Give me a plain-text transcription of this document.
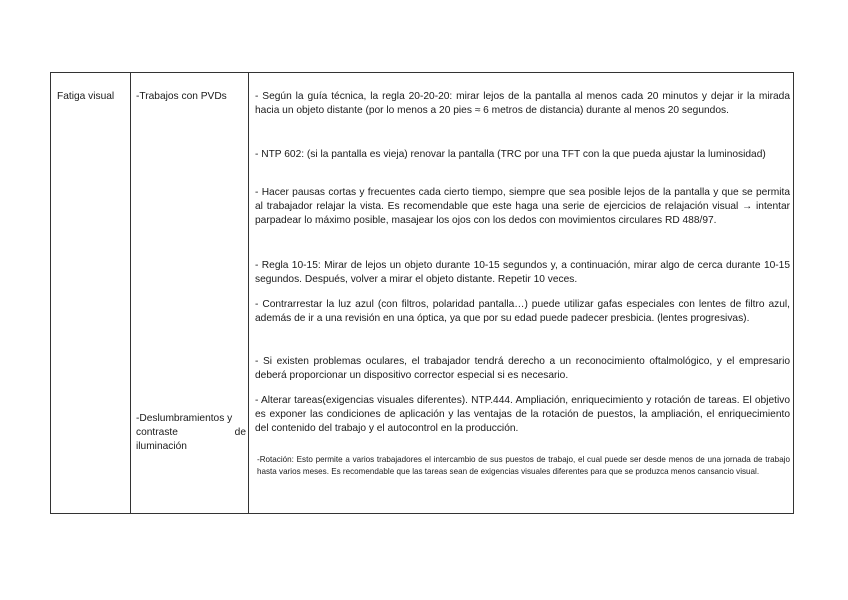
Fatiga visual -Trabajos con PVDs
-Deslumbramientos y
contraste	de
iluminación

- Según la guía técnica, la regla 20-20-20: mirar lejos de la pantalla al menos cada 20 minutos y dejar ir la mirada hacia un objeto distante (por lo menos a 20 pies ≈ 6 metros de distancia) durante al menos 20 segundos.

- NTP 602: (si la pantalla es vieja) renovar la pantalla (TRC por una TFT con la que pueda ajustar la luminosidad)

- Hacer pausas cortas y frecuentes cada cierto tiempo, siempre que sea posible lejos de la pantalla y que se permita al trabajador relajar la vista. Es recomendable que este haga una serie de ejercicios de relajación visual → intentar parpadear lo máximo posible, masajear los ojos con los dedos con movimientos circulares RD 488/97.

- Regla 10-15: Mirar de lejos un objeto durante 10-15 segundos y, a continuación, mirar algo de cerca durante 10-15 segundos. Después, volver a mirar el objeto distante. Repetir 10 veces.

- Contrarrestar la luz azul (con filtros, polaridad pantalla…) puede utilizar gafas especiales con lentes de filtro azul, además de ir a una revisión en una óptica, ya que por su edad puede padecer presbicia. (lentes progresivas).

- Si existen problemas oculares, el trabajador tendrá derecho a un reconocimiento oftalmológico, y el empresario deberá proporcionar un dispositivo corrector especial si es necesario.

- Alterar tareas(exigencias visuales diferentes). NTP.444. Ampliación, enriquecimiento y rotación de tareas. El objetivo es exponer las condiciones de aplicación y las ventajas de la rotación de puestos, la ampliación, el enriquecimiento del contenido del trabajo y el autocontrol en la producción.

-Rotación: Esto permite a varios trabajadores el intercambio de sus puestos de trabajo, el cual puede ser desde menos de una jornada de trabajo hasta varios meses. Es recomendable que las tareas sean de exigencias visuales diferentes para que se produzca menos cansancio visual.
